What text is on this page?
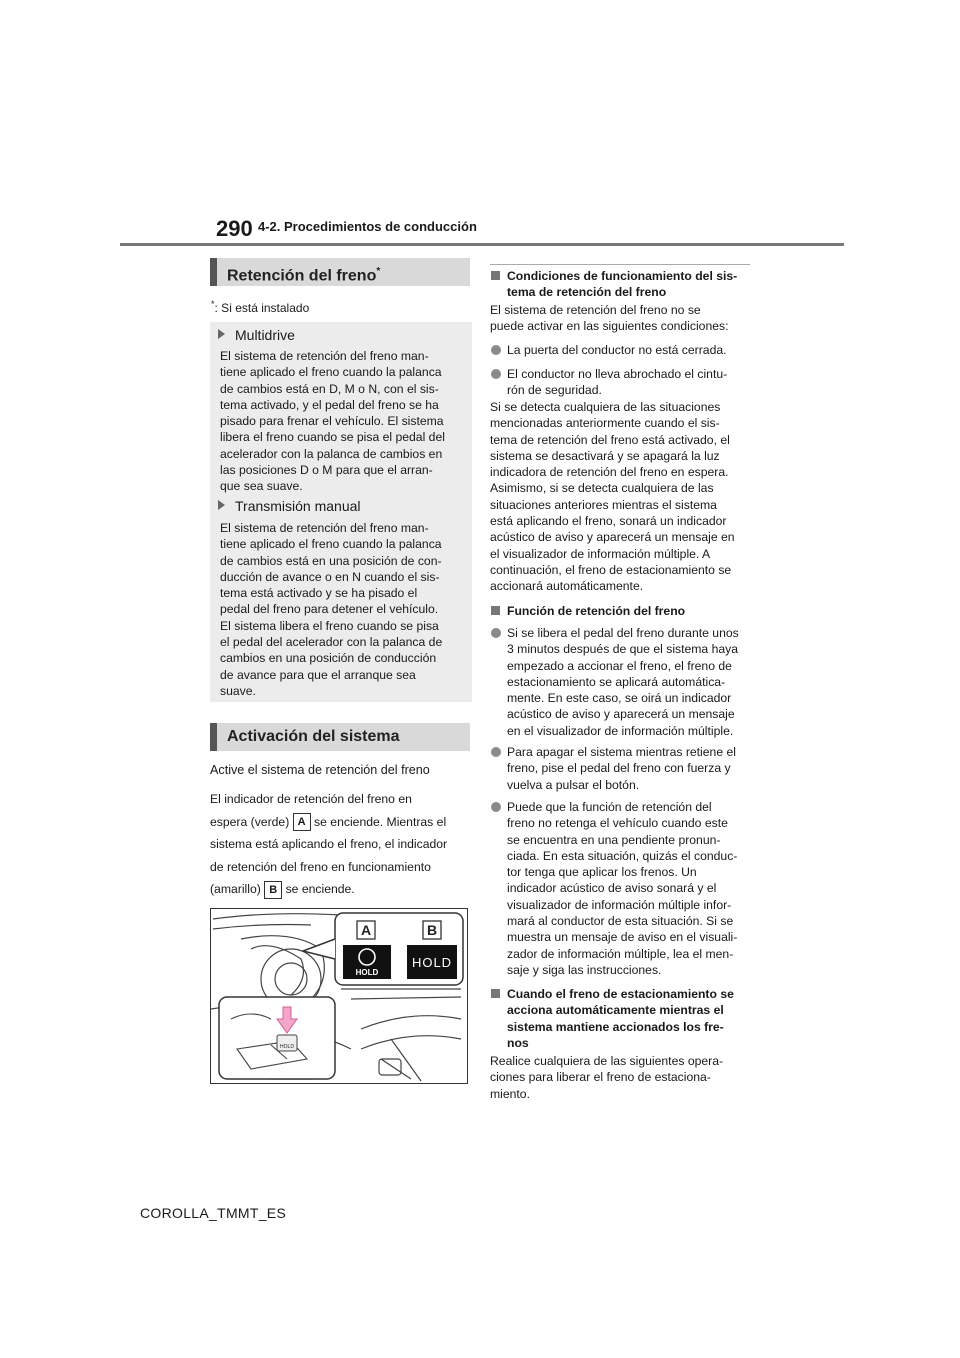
290 4-2. Procedimientos de conducción
Retención del freno*
*: Si está instalado
Multidrive
El sistema de retención del freno man-
tiene aplicado el freno cuando la palanca
de cambios está en D, M o N, con el sis-
tema activado, y el pedal del freno se ha
pisado para frenar el vehículo. El sistema
libera el freno cuando se pisa el pedal del
acelerador con la palanca de cambios en
las posiciones D o M para que el arran-
que sea suave.
Transmisión manual
El sistema de retención del freno man-
tiene aplicado el freno cuando la palanca
de cambios está en una posición de con-
ducción de avance o en N cuando el sis-
tema está activado y se ha pisado el
pedal del freno para detener el vehículo.
El sistema libera el freno cuando se pisa
el pedal del acelerador con la palanca de
cambios en una posición de conducción
de avance para que el arranque sea
suave.
Activación del sistema
Active el sistema de retención del freno
El indicador de retención del freno en
espera (verde) A se enciende. Mientras el
sistema está aplicando el freno, el indicador
de retención del freno en funcionamiento
(amarillo) B se enciende.
A	B
HOLD
HOLD
HOLD
Condiciones de funcionamiento del sis-
tema de retención del freno
El sistema de retención del freno no se
puede activar en las siguientes condiciones:
La puerta del conductor no está cerrada.
El conductor no lleva abrochado el cintu-
rón de seguridad.
Si se detecta cualquiera de las situaciones
mencionadas anteriormente cuando el sis-
tema de retención del freno está activado, el
sistema se desactivará y se apagará la luz
indicadora de retención del freno en espera.
Asimismo, si se detecta cualquiera de las
situaciones anteriores mientras el sistema
está aplicando el freno, sonará un indicador
acústico de aviso y aparecerá un mensaje en
el visualizador de información múltiple. A
continuación, el freno de estacionamiento se
accionará automáticamente.
Función de retención del freno
Si se libera el pedal del freno durante unos
3 minutos después de que el sistema haya
empezado a accionar el freno, el freno de
estacionamiento se aplicará automática-
mente. En este caso, se oirá un indicador
acústico de aviso y aparecerá un mensaje
en el visualizador de información múltiple.
Para apagar el sistema mientras retiene el
freno, pise el pedal del freno con fuerza y
vuelva a pulsar el botón.
Puede que la función de retención del
freno no retenga el vehículo cuando este
se encuentra en una pendiente pronun-
ciada. En esta situación, quizás el conduc-
tor tenga que aplicar los frenos. Un
indicador acústico de aviso sonará y el
visualizador de información múltiple infor-
mará al conductor de esta situación. Si se
muestra un mensaje de aviso en el visuali-
zador de información múltiple, lea el men-
saje y siga las instrucciones.
Cuando el freno de estacionamiento se
acciona automáticamente mientras el
sistema mantiene accionados los fre-
nos
Realice cualquiera de las siguientes opera-
ciones para liberar el freno de estaciona-
miento.
COROLLA_TMMT_ES
